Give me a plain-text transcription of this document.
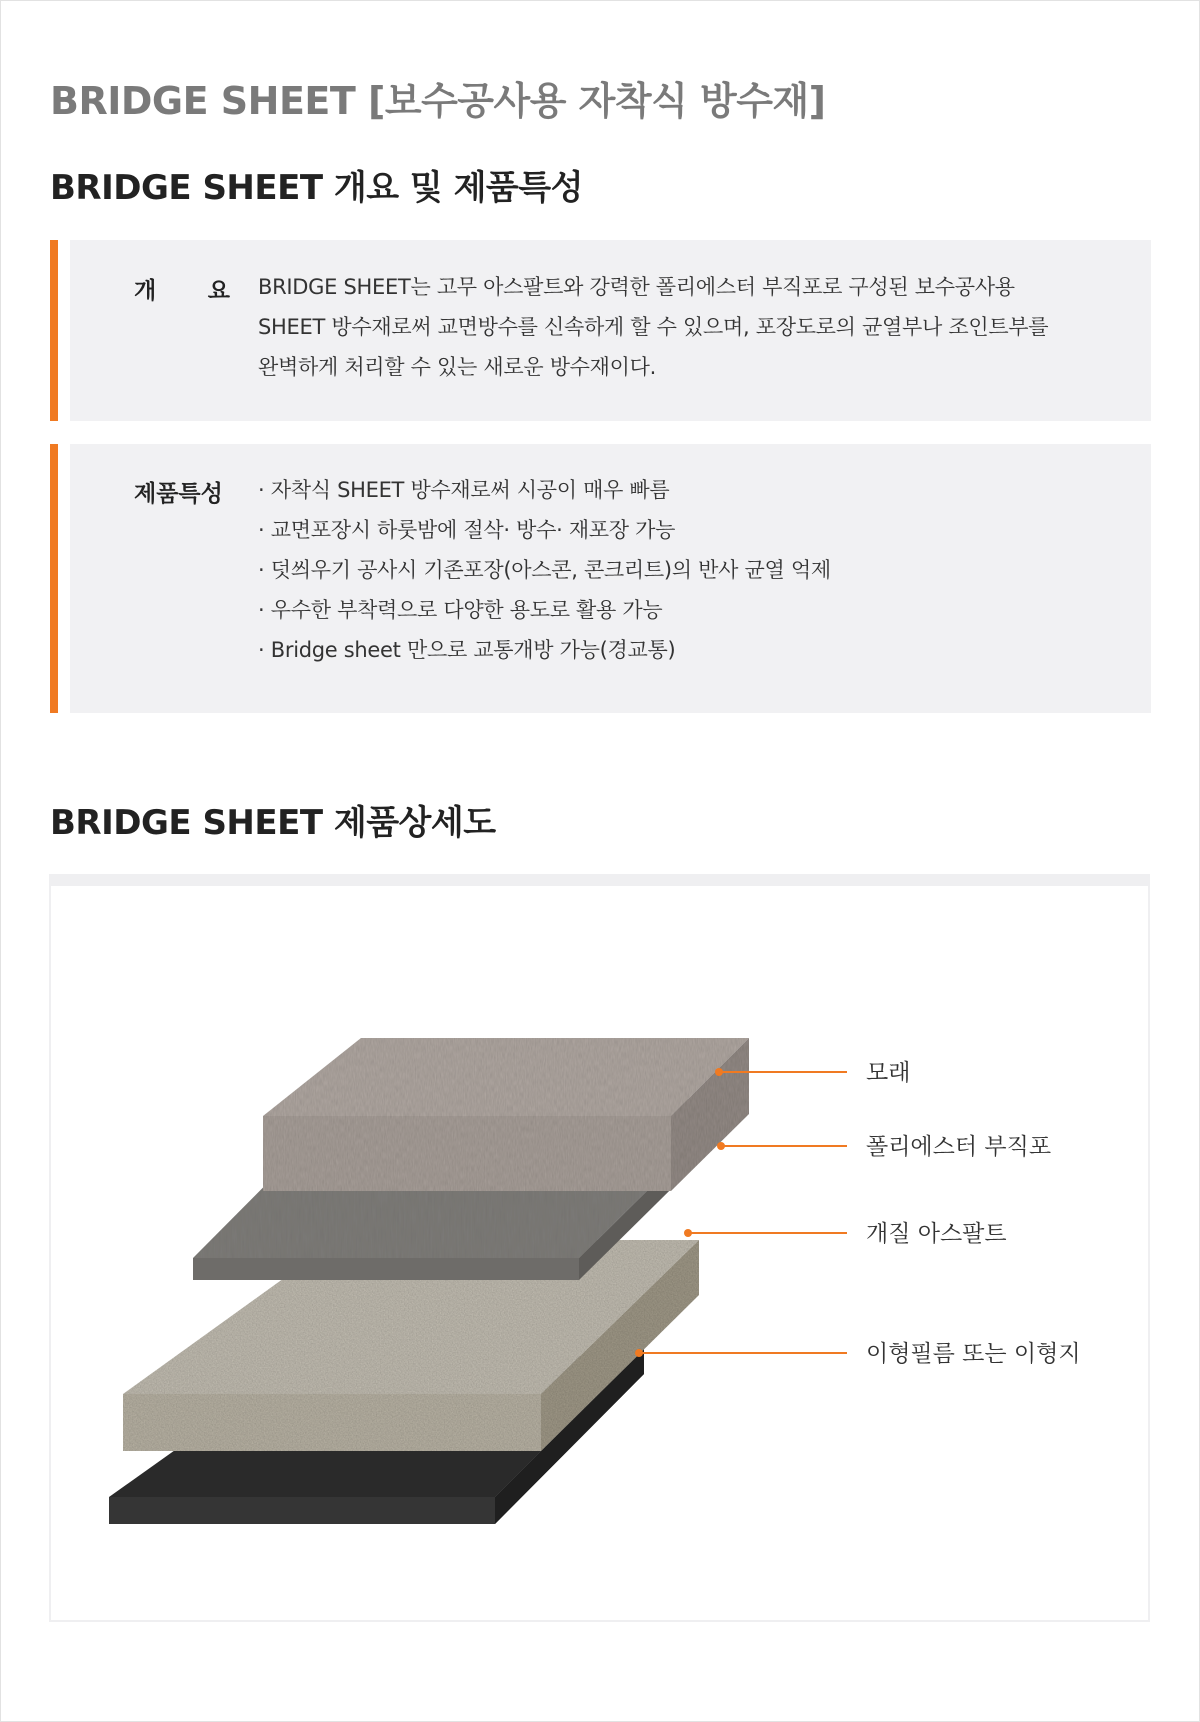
BRIDGE SHEET [보수공사용 자착식 방수재]
BRIDGE SHEET 개요 및 제품특성
개 요 BRIDGE SHEET는 고무 아스팔트와 강력한 폴리에스터 부직포로 구성된 보수공사용

SHEET 방수재로써 교면방수를 신속하게 할 수 있으며, 포장도로의 균열부나 조인트부를

완벽하게 처리할 수 있는 새로운 방수재이다.

제품특성 · 자착식 SHEET 방수재로써 시공이 매우 빠름

· 교면포장시 하룻밤에 절삭· 방수· 재포장 가능

· 덧씌우기 공사시 기존포장(아스콘, 콘크리트)의 반사 균열 억제

· 우수한 부착력으로 다양한 용도로 활용 가능

· Bridge sheet 만으로 교통개방 가능(경교통)

BRIDGE SHEET 제품상세도
모래
폴리에스터 부직포
개질 아스팔트
이형필름 또는 이형지
